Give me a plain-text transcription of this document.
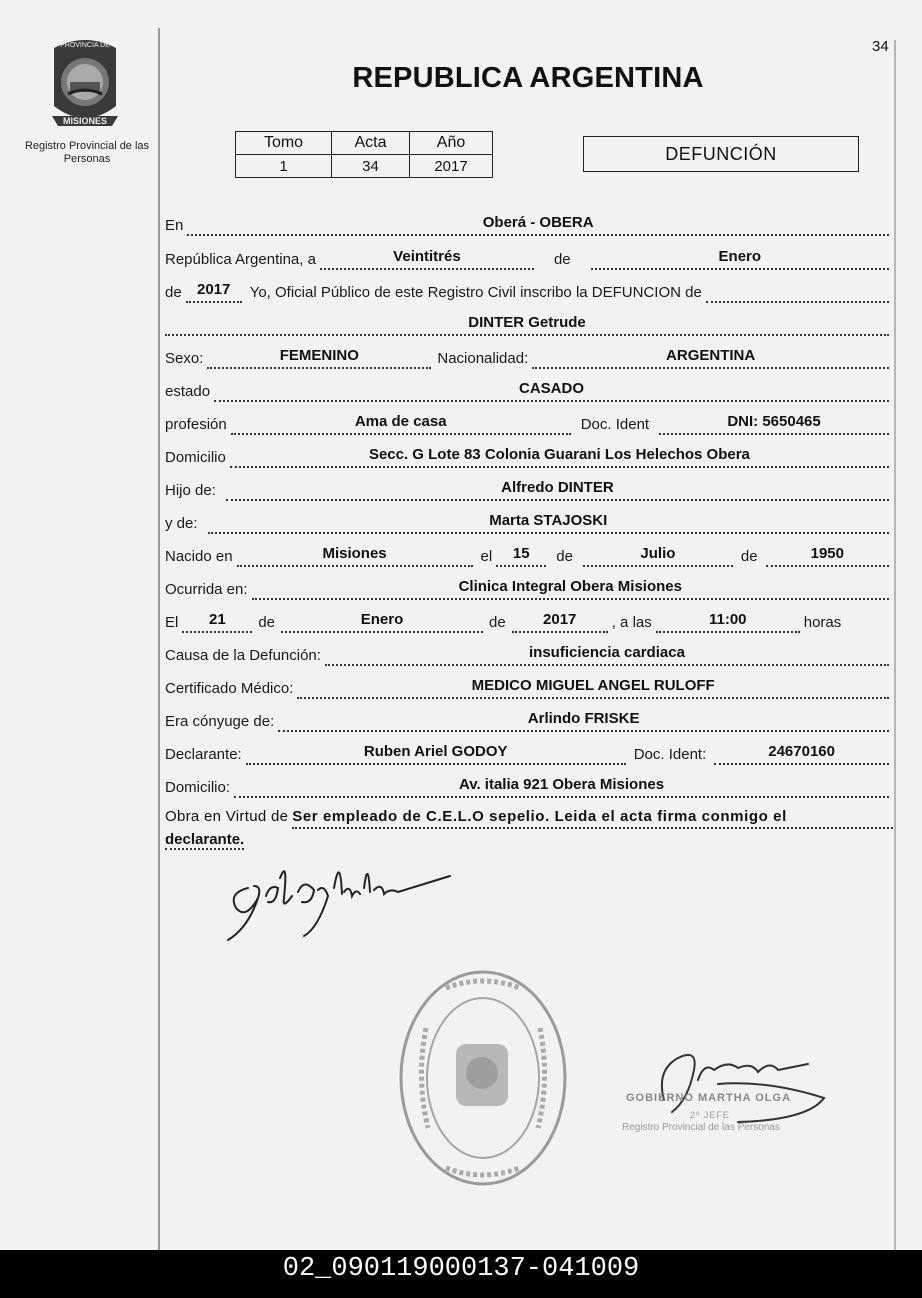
34
MISIONES
PROVINCIA DE
Registro Provincial de las Personas
REPUBLICA ARGENTINA
Tomo	Acta	Año
1	34	2017
DEFUNCIÓN
En	Oberá - OBERA
República Argentina, a	Veintitrés	de	Enero
de	2017	Yo, Oficial Público de este Registro Civil inscribo la DEFUNCION de
DINTER Getrude
Sexo:	FEMENINO	Nacionalidad:	ARGENTINA
estado	CASADO
profesión	Ama de casa	Doc. Ident	DNI: 5650465
Domicilio	Secc. G Lote 83 Colonia Guarani Los Helechos Obera
Hijo de:	Alfredo DINTER
y de:	Marta STAJOSKI
Nacido en	Misiones	el	15	de	Julio	de	1950
Ocurrida en:	Clinica Integral Obera Misiones
El	21	de	Enero	de	2017	, a las	11:00	horas
Causa de la Defunción:	insuficiencia cardiaca
Certificado Médico:	MEDICO MIGUEL ANGEL RULOFF
Era cónyuge de:	Arlindo FRISKE
Declarante:	Ruben Ariel GODOY	Doc. Ident:	24670160
Domicilio:	Av. italia 921 Obera Misiones
Obra en Virtud de Ser empleado de C.E.L.O sepelio. Leida el acta firma conmigo el
declarante.
GOBIERNO MARTHA OLGA
2º JEFE
Registro Provincial de las Personas
02_090119000137-041009
